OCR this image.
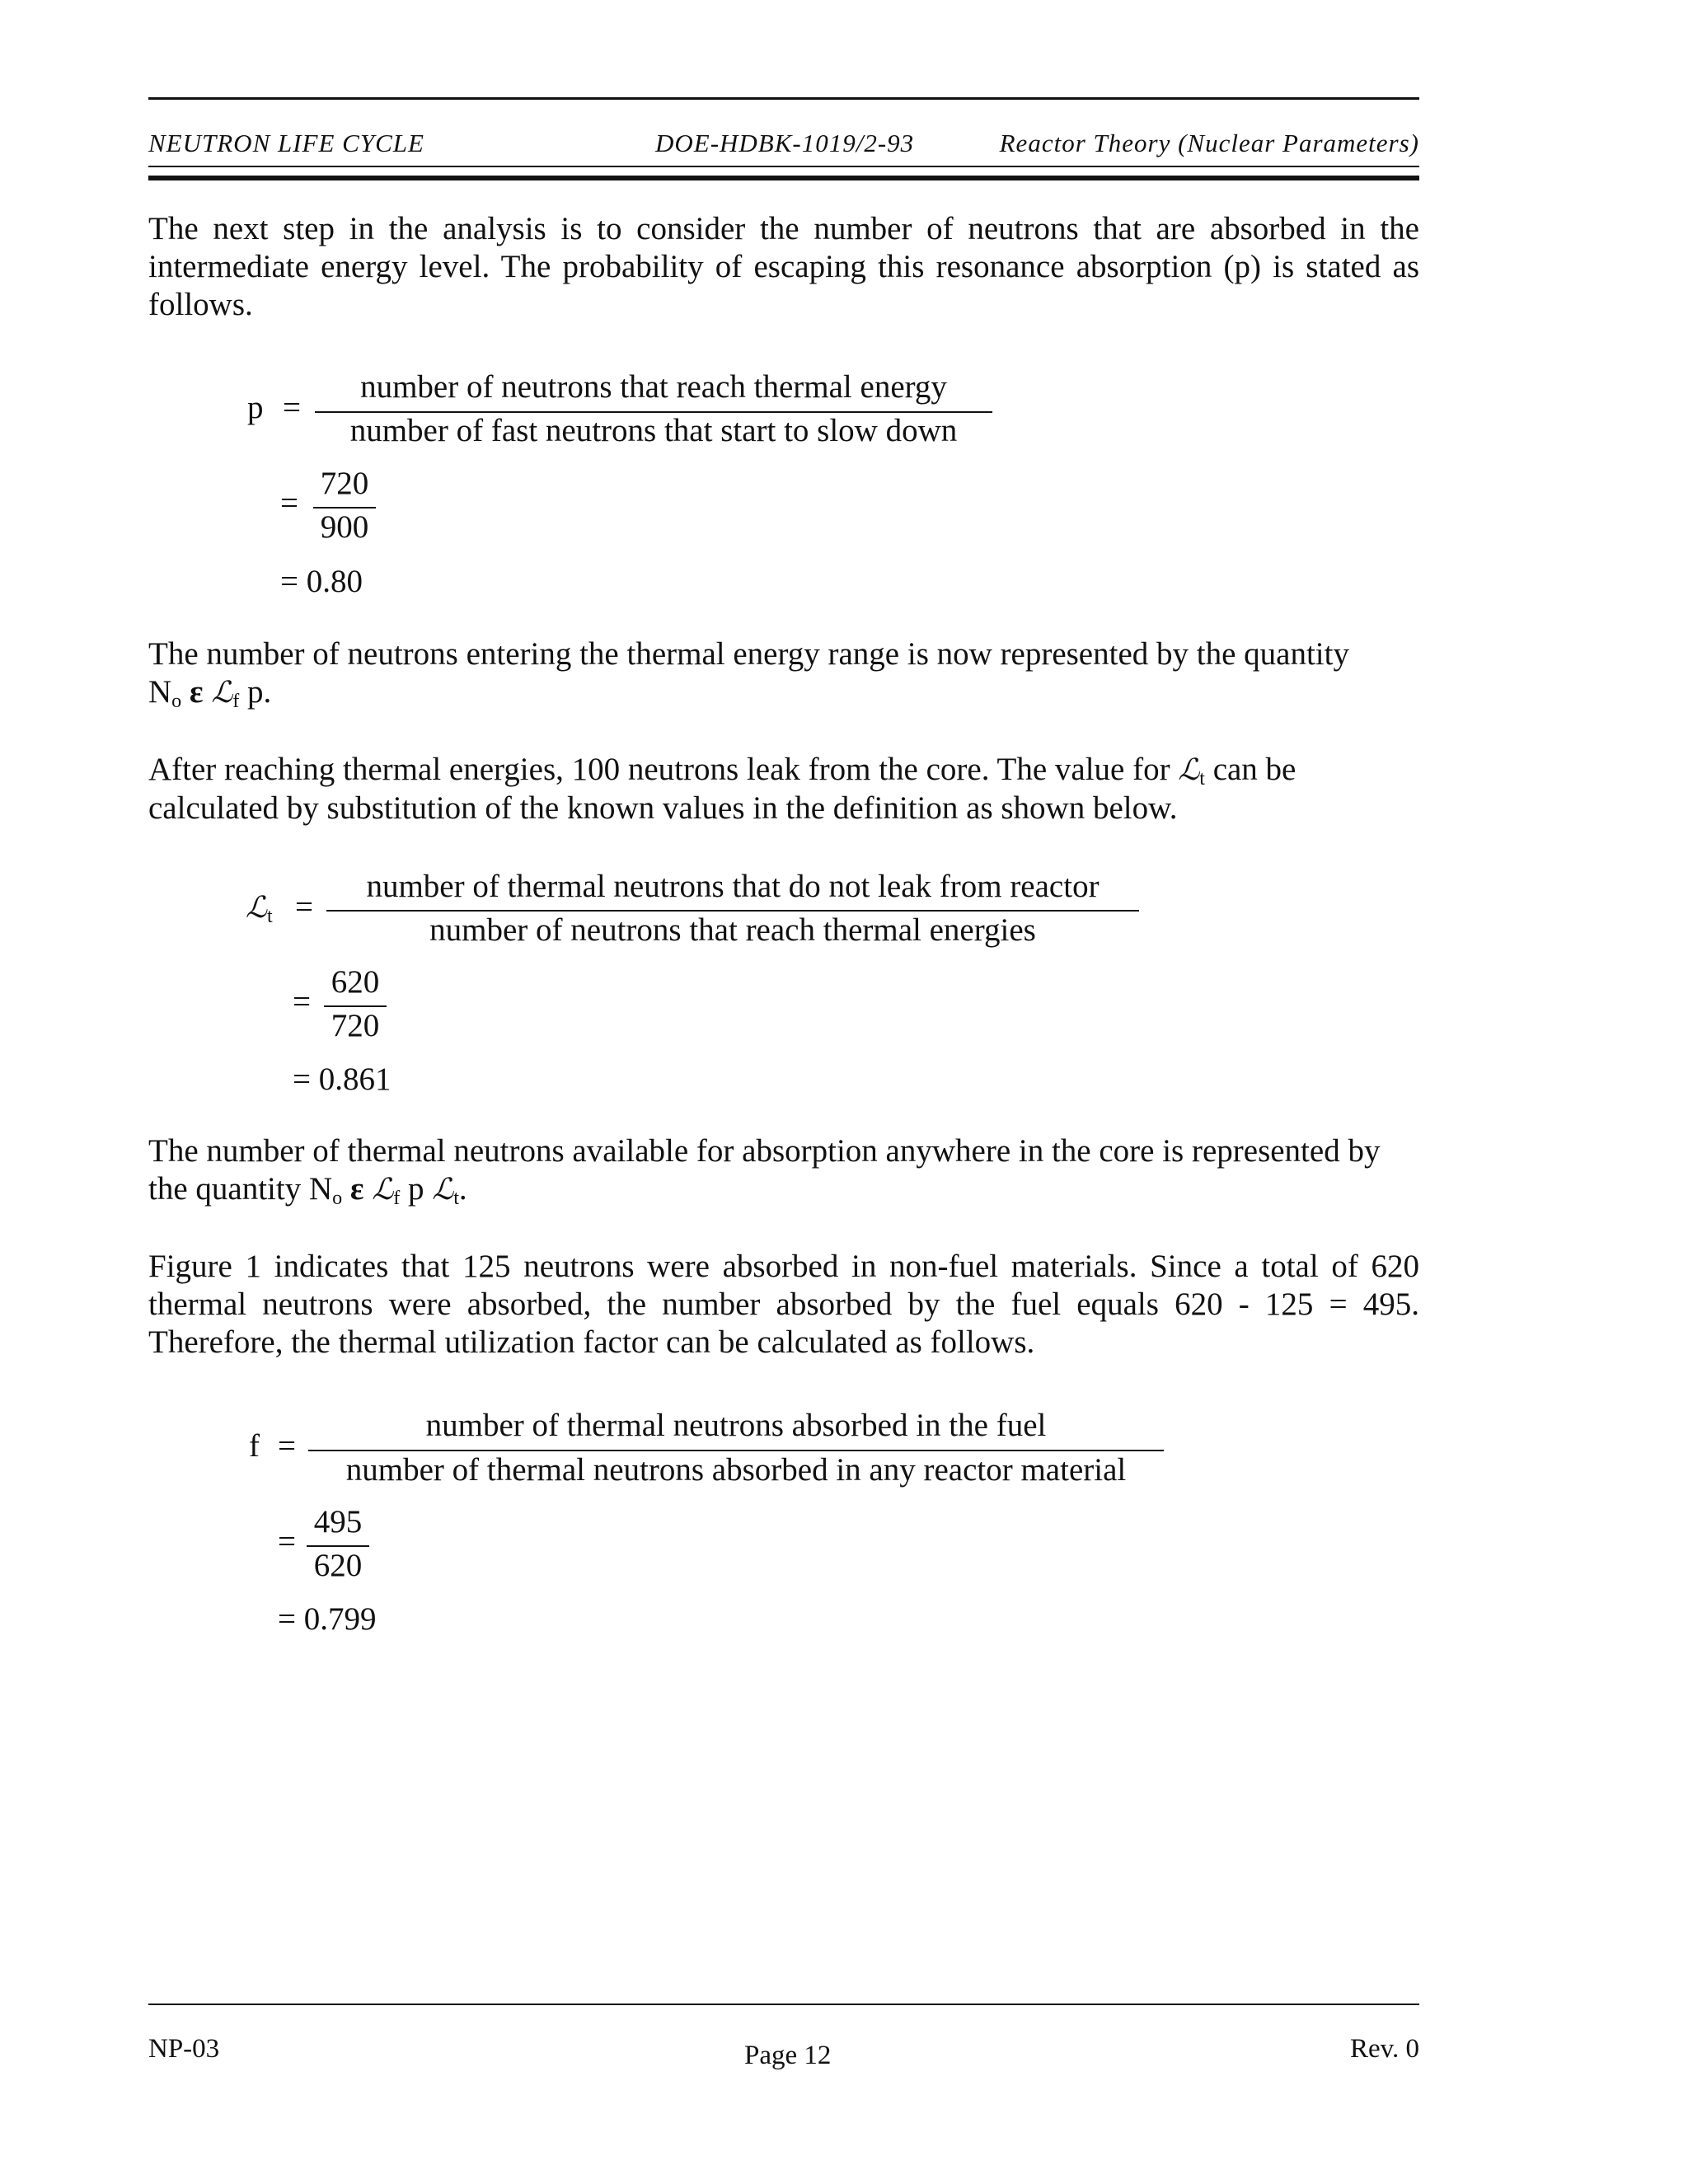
NEUTRON LIFE CYCLE	DOE-HDBK-1019/2-93	Reactor Theory (Nuclear Parameters)
The next step in the analysis is to consider the number of neutrons that are absorbed in the intermediate energy level. The probability of escaping this resonance absorption (p) is stated as follows.
p =
number of neutrons that reach thermal energy
number of fast neutrons that start to slow down
=
720
900
= 0.80
The number of neutrons entering the thermal energy range is now represented by the quantity
$N_o$ ε ℒ$_f$ p.
After reaching thermal energies, 100 neutrons leak from the core. The value for ℒ$_t$ can be
calculated by substitution of the known values in the definition as shown below.
ℒ$_t$ =
number of thermal neutrons that do not leak from reactor
number of neutrons that reach thermal energies
=
620
720
= 0.861
The number of thermal neutrons available for absorption anywhere in the core is represented by
the quantity $N_o$ ε ℒ$_f$ p ℒ$_t$.
Figure 1 indicates that 125 neutrons were absorbed in non-fuel materials. Since a total of 620 thermal neutrons were absorbed, the number absorbed by the fuel equals 620 - 125 = 495. Therefore, the thermal utilization factor can be calculated as follows.
f =
number of thermal neutrons absorbed in the fuel
number of thermal neutrons absorbed in any reactor material
=
495
620
= 0.799
NP-03	Page 12	Rev. 0
